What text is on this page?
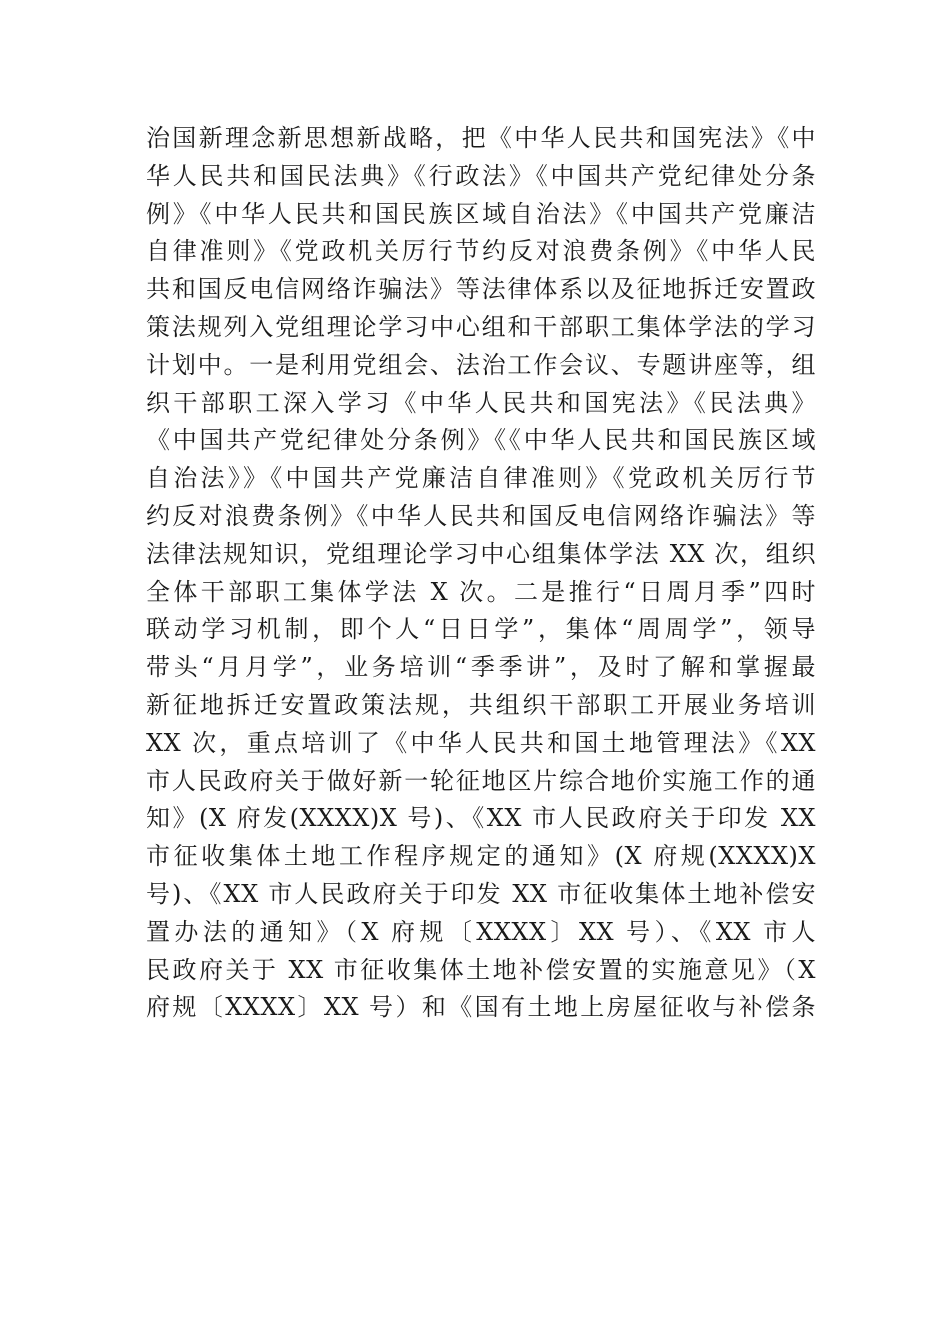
治国新理念新思想新战略，把《中华人民共和国宪法》《中
华人民共和国民法典》《行政法》《中国共产党纪律处分条
例》《中华人民共和国民族区域自治法》《中国共产党廉洁
自律准则》《党政机关厉行节约反对浪费条例》《中华人民
共和国反电信网络诈骗法》等法律体系以及征地拆迁安置政
策法规列入党组理论学习中心组和干部职工集体学法的学习
计划中。一是利用党组会、法治工作会议、专题讲座等，组
织干部职工深入学习《中华人民共和国宪法》《民法典》
《中国共产党纪律处分条例》《《中华人民共和国民族区域
自治法》》《中国共产党廉洁自律准则》《党政机关厉行节
约反对浪费条例》《中华人民共和国反电信网络诈骗法》等
法律法规知识，党组理论学习中心组集体学法 XX 次，组织
全体干部职工集体学法 X 次。二是推行“日周月季”四时
联动学习机制，即个人“日日学”，集体“周周学”，领导
带头“月月学”，业务培训“季季讲”，及时了解和掌握最
新征地拆迁安置政策法规，共组织干部职工开展业务培训
XX 次，重点培训了《中华人民共和国土地管理法》《XX
市人民政府关于做好新一轮征地区片综合地价实施工作的通
知》(X 府发(XXXX)X 号)、《XX 市人民政府关于印发 XX
市征收集体土地工作程序规定的通知》(X 府规(XXXX)X
号)、《XX 市人民政府关于印发 XX 市征收集体土地补偿安
置办法的通知》（X 府规〔XXXX〕XX 号）、《XX 市人
民政府关于 XX 市征收集体土地补偿安置的实施意见》（X
府规〔XXXX〕XX 号）和《国有土地上房屋征收与补偿条
